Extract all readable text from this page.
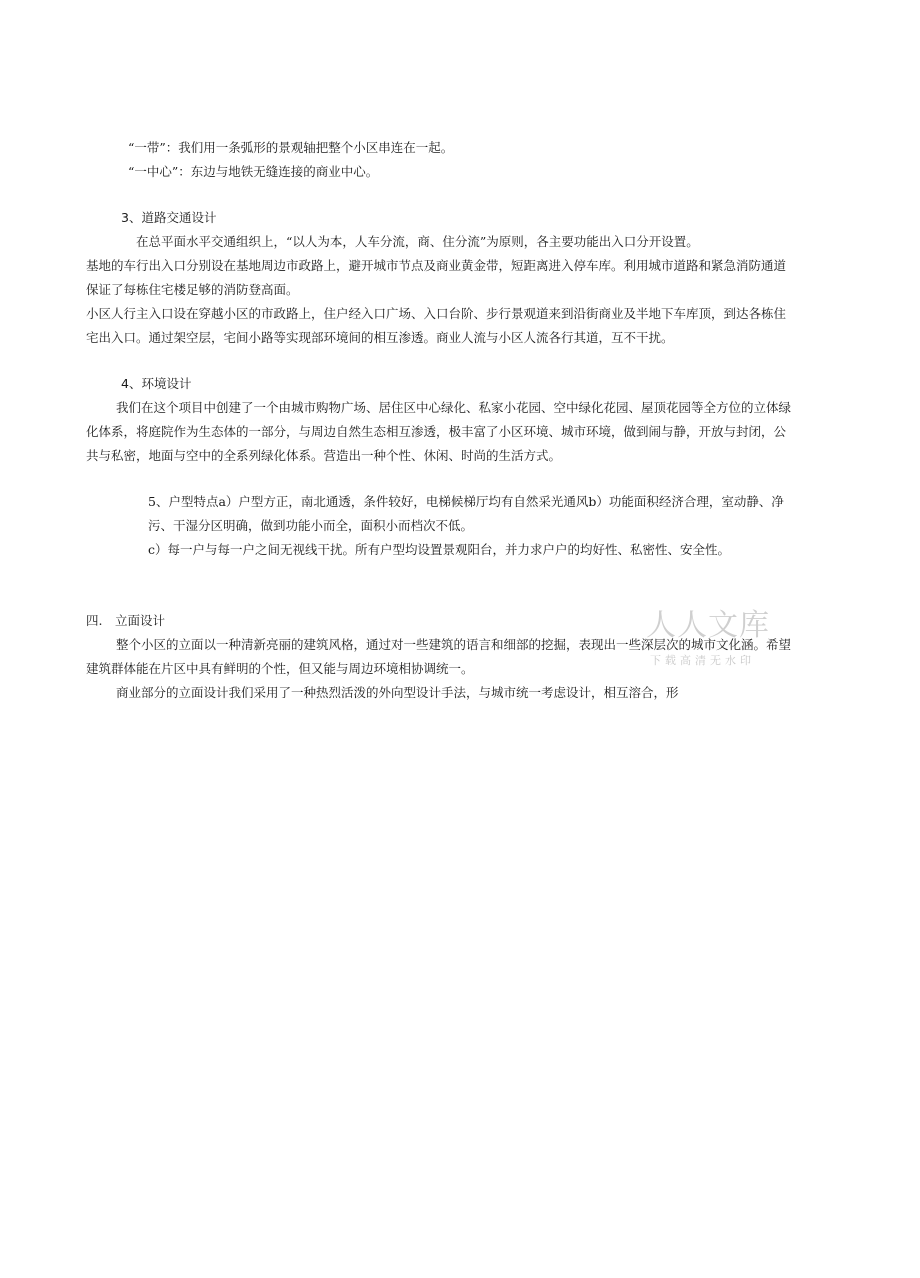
“一带”：我们用一条弧形的景观轴把整个小区串连在一起。
“一中心”：东边与地铁无缝连接的商业中心。
3、道路交通设计
在总平面水平交通组织上，“以人为本，人车分流，商、住分流”为原则，各主要功能出入口分开设置。
基地的车行出入口分别设在基地周边市政路上，避开城市节点及商业黄金带，短距离进入停车库。利用城市道路和紧急消防通道
保证了每栋住宅楼足够的消防登高面。
小区人行主入口设在穿越小区的市政路上，住户经入口广场、入口台阶、步行景观道来到沿街商业及半地下车库顶，到达各栋住
宅出入口。通过架空层，宅间小路等实现部环境间的相互渗透。商业人流与小区人流各行其道，互不干扰。
4、环境设计
我们在这个项目中创建了一个由城市购物广场、居住区中心绿化、私家小花园、空中绿化花园、屋顶花园等全方位的立体绿
化体系，将庭院作为生态体的一部分，与周边自然生态相互渗透，极丰富了小区环境、城市环境，做到闹与静，开放与封闭，公
共与私密，地面与空中的全系列绿化体系。营造出一种个性、休闲、时尚的生活方式。
5、户型特点a）户型方正，南北通透，条件较好，电梯候梯厅均有自然采光通风b）功能面积经济合理，室动静、净
污、干湿分区明确，做到功能小而全，面积小而档次不低。
c）每一户与每一户之间无视线干扰。所有户型均设置景观阳台，并力求户户的均好性、私密性、安全性。
四.　立面设计	人人文库
下载高清无水印
整个小区的立面以一种清新亮丽的建筑风格，通过对一些建筑的语言和细部的挖掘，表现出一些深层次的城市文化涵。希望
建筑群体能在片区中具有鲜明的个性，但又能与周边环境相协调统一。
商业部分的立面设计我们采用了一种热烈活泼的外向型设计手法，与城市统一考虑设计，相互溶合，形
